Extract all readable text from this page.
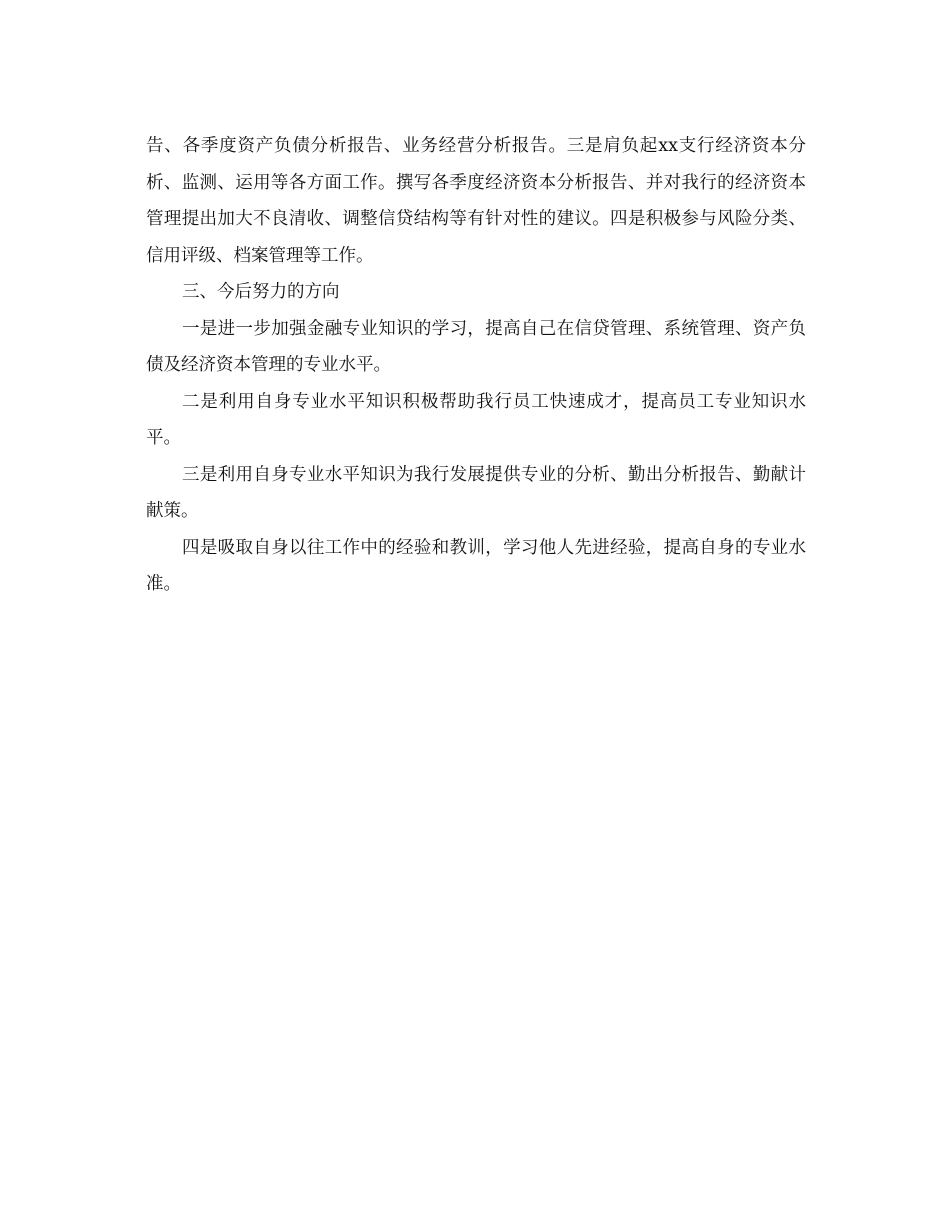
告、各季度资产负债分析报告、业务经营分析报告。三是肩负起xx支行经济资本分析、监测、运用等各方面工作。撰写各季度经济资本分析报告、并对我行的经济资本管理提出加大不良清收、调整信贷结构等有针对性的建议。四是积极参与风险分类、信用评级、档案管理等工作。

三、今后努力的方向

一是进一步加强金融专业知识的学习，提高自己在信贷管理、系统管理、资产负债及经济资本管理的专业水平。

二是利用自身专业水平知识积极帮助我行员工快速成才，提高员工专业知识水平。

三是利用自身专业水平知识为我行发展提供专业的分析、勤出分析报告、勤献计献策。

四是吸取自身以往工作中的经验和教训，学习他人先进经验，提高自身的专业水准。
